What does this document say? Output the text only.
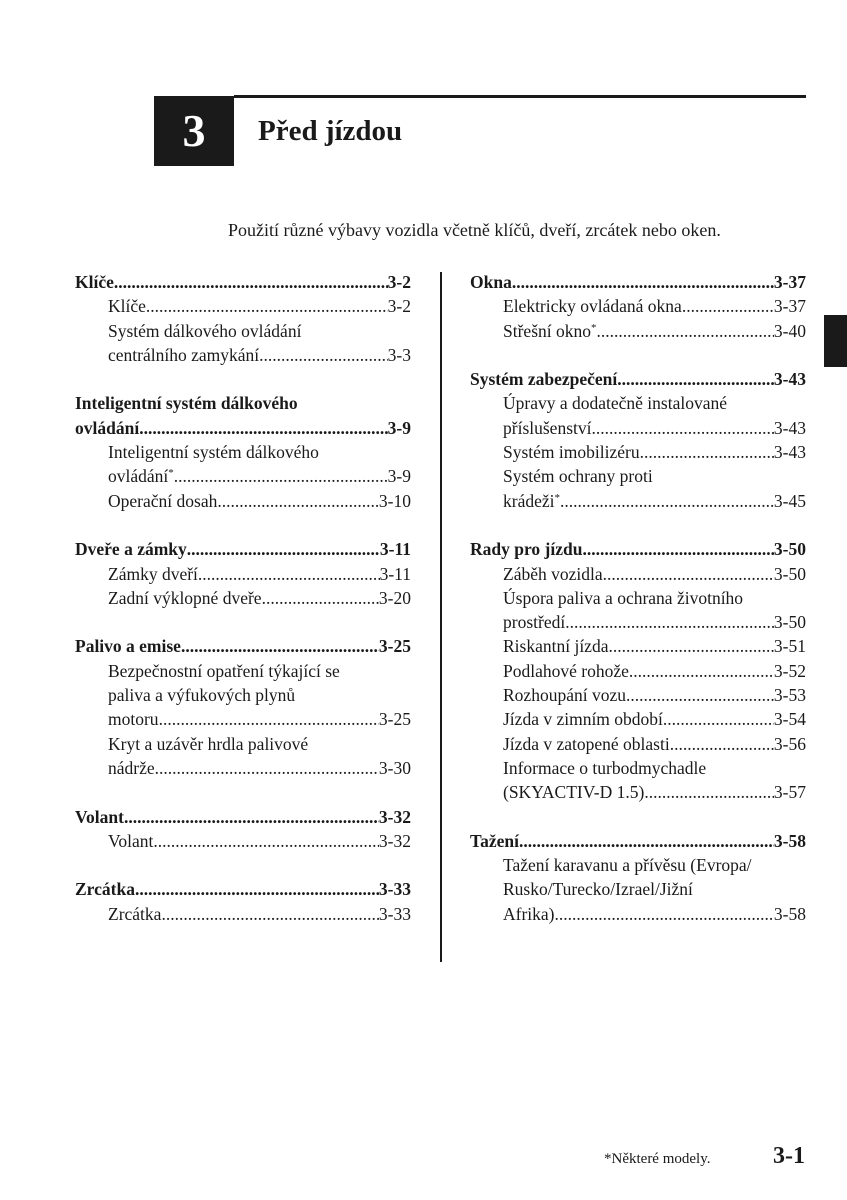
3	Před jízdou
Použití různé výbavy vozidla včetně klíčů, dveří, zrcátek nebo oken.
Klíče .....	3-2
Klíče .....	3-2
Systém dálkového ovládání
centrálního zamykání .....	3-3
Inteligentní systém dálkového
ovládání .....	3-9
Inteligentní systém dálkového
ovládání* .....	3-9
Operační dosah .....	3-10
Dveře a zámky .....	3-11
Zámky dveří .....	3-11
Zadní výklopné dveře .....	3-20
Palivo a emise .....	3-25
Bezpečnostní opatření týkající se
paliva a výfukových plynů
motoru .....	3-25
Kryt a uzávěr hrdla palivové
nádrže .....	3-30
Volant .....	3-32
Volant .....	3-32
Zrcátka .....	3-33
Zrcátka .....	3-33
Okna .....	3-37
Elektricky ovládaná okna .....	3-37
Střešní okno* .....	3-40
Systém zabezpečení .....	3-43
Úpravy a dodatečně instalované
příslušenství .....	3-43
Systém imobilizéru .....	3-43
Systém ochrany proti
krádeži* .....	3-45
Rady pro jízdu .....	3-50
Záběh vozidla .....	3-50
Úspora paliva a ochrana životního
prostředí .....	3-50
Riskantní jízda .....	3-51
Podlahové rohože .....	3-52
Rozhoupání vozu .....	3-53
Jízda v zimním období .....	3-54
Jízda v zatopené oblasti .....	3-56
Informace o turbodmychadle
(SKYACTIV-D 1.5) .....	3-57
Tažení .....	3-58
Tažení karavanu a přívěsu (Evropa/
Rusko/Turecko/Izrael/Jižní
Afrika) .....	3-58
*Některé modely.	3-1
